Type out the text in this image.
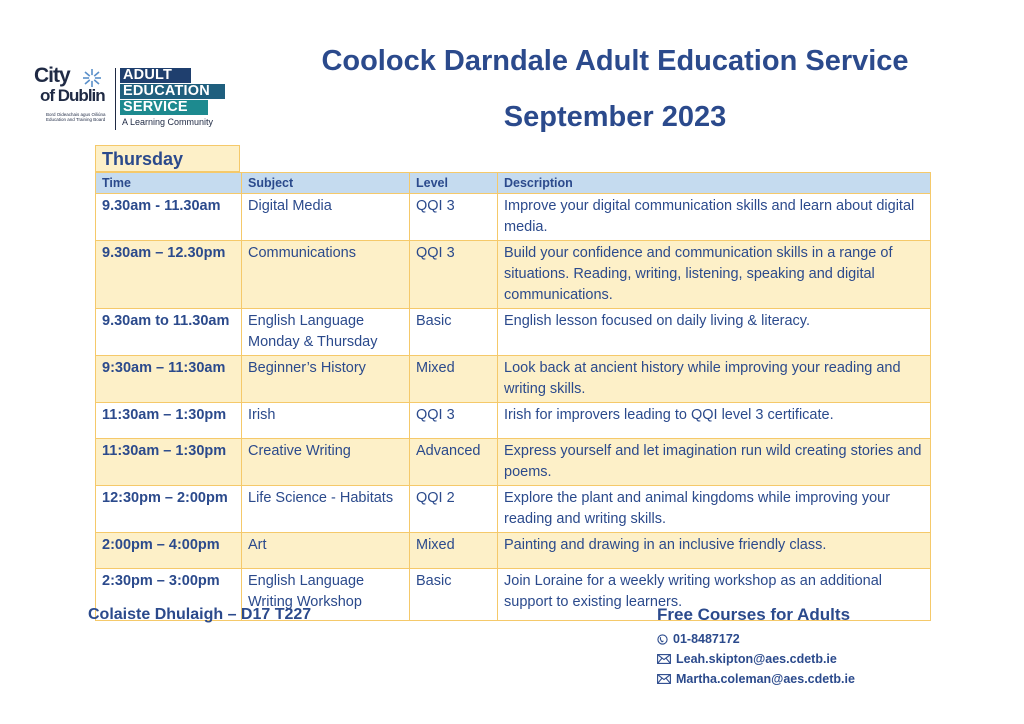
City
of Dublin
Bord Oideachais agus Oiliúna Education and Training Board
ADULT
EDUCATION
SERVICE
A Learning Community
Coolock Darndale Adult Education Service
September 2023
Thursday
Time	Subject	Level	Description
9.30am - 11.30am	Digital Media	QQI 3	Improve your digital communication skills and learn about digital media.
9.30am – 12.30pm	Communications	QQI 3	Build your confidence and communication skills in a range of situations. Reading, writing, listening, speaking and digital communications.
9.30am to 11.30am	English Language Monday & Thursday	Basic	English lesson focused on daily living & literacy.
9:30am – 11:30am	Beginner’s History	Mixed	Look back at ancient history while improving your reading and writing skills.
11:30am – 1:30pm	Irish	QQI 3	Irish for improvers leading to QQI level 3 certificate.
11:30am – 1:30pm	Creative Writing	Advanced	Express yourself and let imagination run wild creating stories and poems.
12:30pm – 2:00pm	Life Science - Habitats	QQI 2	Explore the plant and animal kingdoms while improving your reading and writing skills.
2:00pm – 4:00pm	Art	Mixed	Painting and drawing in an inclusive friendly class.
2:30pm – 3:00pm	English Language Writing Workshop	Basic	Join Loraine for a weekly writing workshop as an additional support to existing learners.
Colaiste Dhulaigh – D17 T227	Free Courses for Adults
01-8487172
Leah.skipton@aes.cdetb.ie
Martha.coleman@aes.cdetb.ie
